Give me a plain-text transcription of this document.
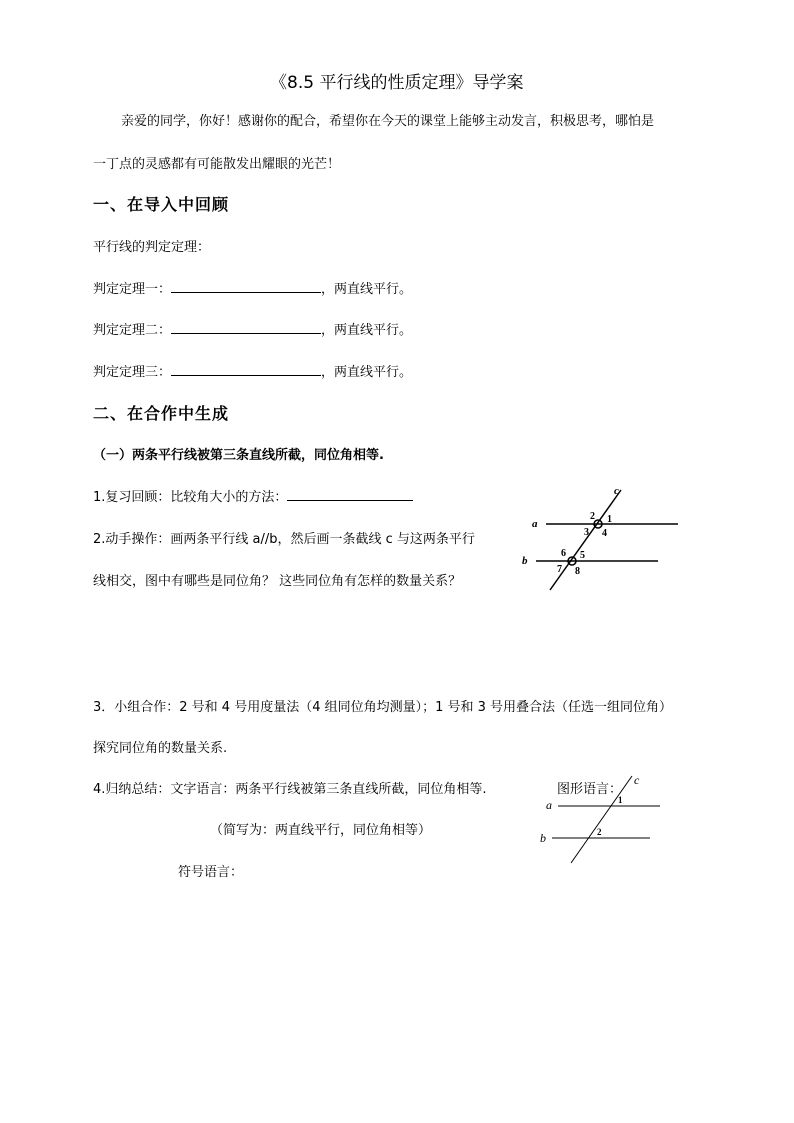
《8.5 平行线的性质定理》导学案
亲爱的同学，你好！感谢你的配合，希望你在今天的课堂上能够主动发言，积极思考，哪怕是
一丁点的灵感都有可能散发出耀眼的光芒！
一、在导入中回顾
平行线的判定定理：
判定定理一：	，两直线平行。
判定定理二：	，两直线平行。
判定定理三：	，两直线平行。
二、在合作中生成
（一）两条平行线被第三条直线所截，同位角相等.
1.复习回顾：比较角大小的方法：
2.动手操作：画两条平行线 a//b，然后画一条截线 c 与这两条平行
线相交，图中有哪些是同位角？ 这些同位角有怎样的数量关系？
a
b
c
2 1
3 4
6 5
7 8
3．小组合作：2 号和 4 号用度量法（4 组同位角均测量）；1 号和 3 号用叠合法（任选一组同位角）
探究同位角的数量关系.
4.归纳总结：文字语言：两条平行线被第三条直线所截，同位角相等.	图形语言：
（简写为：两直线平行，同位角相等）
符号语言：
a
b
c
1
2
